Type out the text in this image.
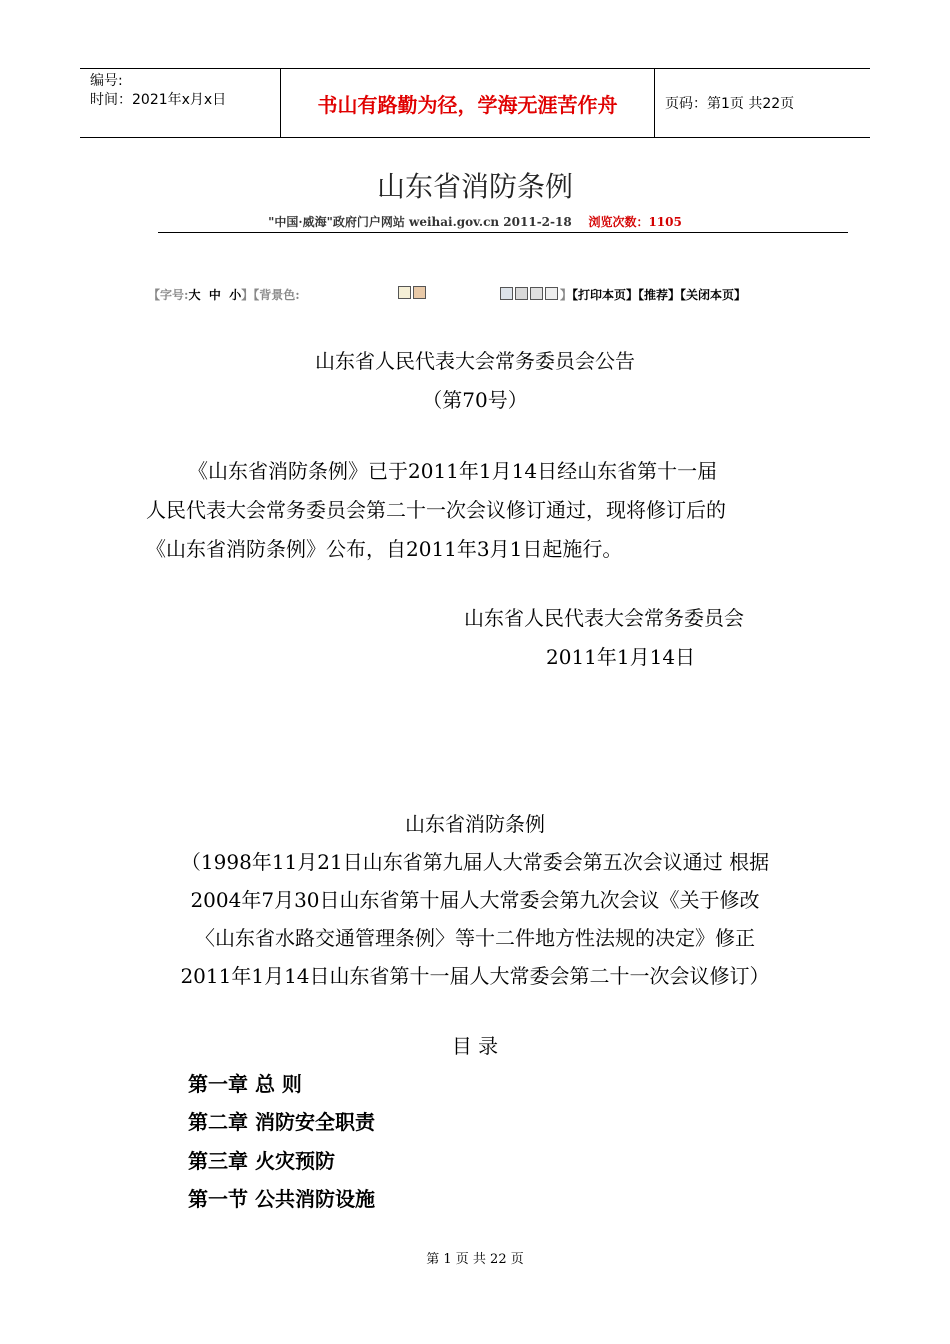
编号:
时间：2021年x月x日	书山有路勤为径，学海无涯苦作舟	页码：第1页 共22页
山东省消防条例
"中国·威海"政府门户网站 weihai.gov.cn 2011-2-18 浏览次数：1105
【字号:大 中 小】【背景色:	】【打印本页】【推荐】【关闭本页】
山东省人民代表大会常务委员会公告
（第70号）
《山东省消防条例》已于2011年1月14日经山东省第十一届
人民代表大会常务委员会第二十一次会议修订通过，现将修订后的
《山东省消防条例》公布，自2011年3月1日起施行。
山东省人民代表大会常务委员会
2011年1月14日
山东省消防条例
（1998年11月21日山东省第九届人大常委会第五次会议通过 根据
2004年7月30日山东省第十届人大常委会第九次会议《关于修改
〈山东省水路交通管理条例〉等十二件地方性法规的决定》修正
2011年1月14日山东省第十一届人大常委会第二十一次会议修订）
目 录
第一章 总 则
第二章 消防安全职责
第三章 火灾预防
第一节 公共消防设施
第 1 页 共 22 页
